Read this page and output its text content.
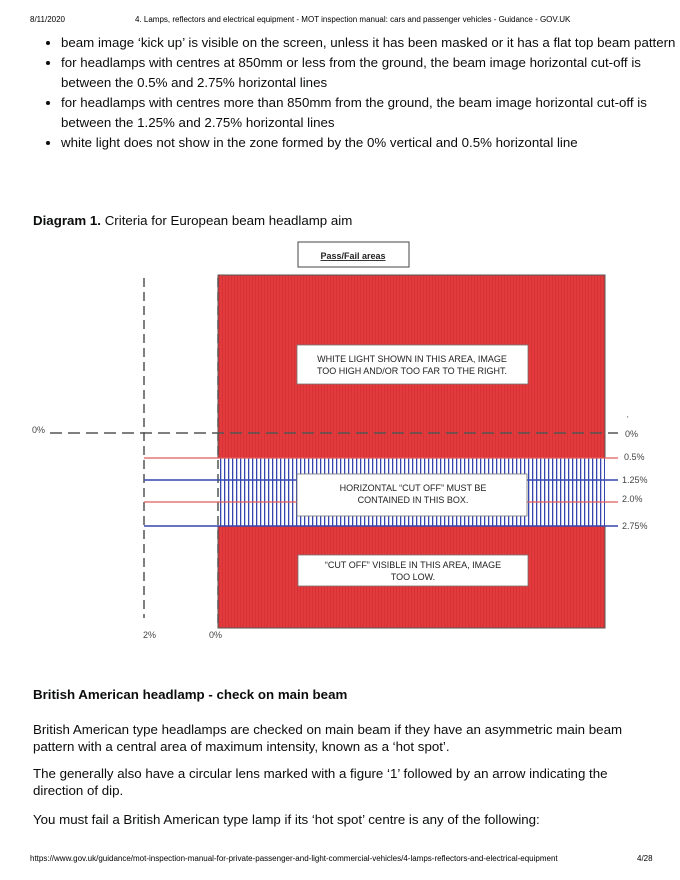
8/11/2020	4. Lamps, reflectors and electrical equipment - MOT inspection manual: cars and passenger vehicles - Guidance - GOV.UK
• beam image ‘kick up’ is visible on the screen, unless it has been masked or it has a flat top beam pattern
• for headlamps with centres at 850mm or less from the ground, the beam image horizontal cut-off is between the 0.5% and 2.75% horizontal lines
• for headlamps with centres more than 850mm from the ground, the beam image horizontal cut-off is between the 1.25% and 2.75% horizontal lines
• white light does not show in the zone formed by the 0% vertical and 0.5% horizontal line
Diagram 1. Criteria for European beam headlamp aim
Pass/Fail areas
'
0%	0%
0.5%
1.25%
2.0%
2.75%
2%	0%
WHITE LIGHT SHOWN IN THIS AREA, IMAGE
TOO HIGH AND/OR TOO FAR TO THE RIGHT.
HORIZONTAL “CUT OFF” MUST BE
CONTAINED IN THIS BOX.
“CUT OFF” VISIBLE IN THIS AREA, IMAGE
TOO LOW.
British American headlamp - check on main beam

British American type headlamps are checked on main beam if they have an asymmetric main beam pattern with a central area of maximum intensity, known as a ‘hot spot’.

The generally also have a circular lens marked with a figure ‘1’ followed by an arrow indicating the direction of dip.

You must fail a British American type lamp if its ‘hot spot’ centre is any of the following:

https://www.gov.uk/guidance/mot-inspection-manual-for-private-passenger-and-light-commercial-vehicles/4-lamps-reflectors-and-electrical-equipment	4/28
